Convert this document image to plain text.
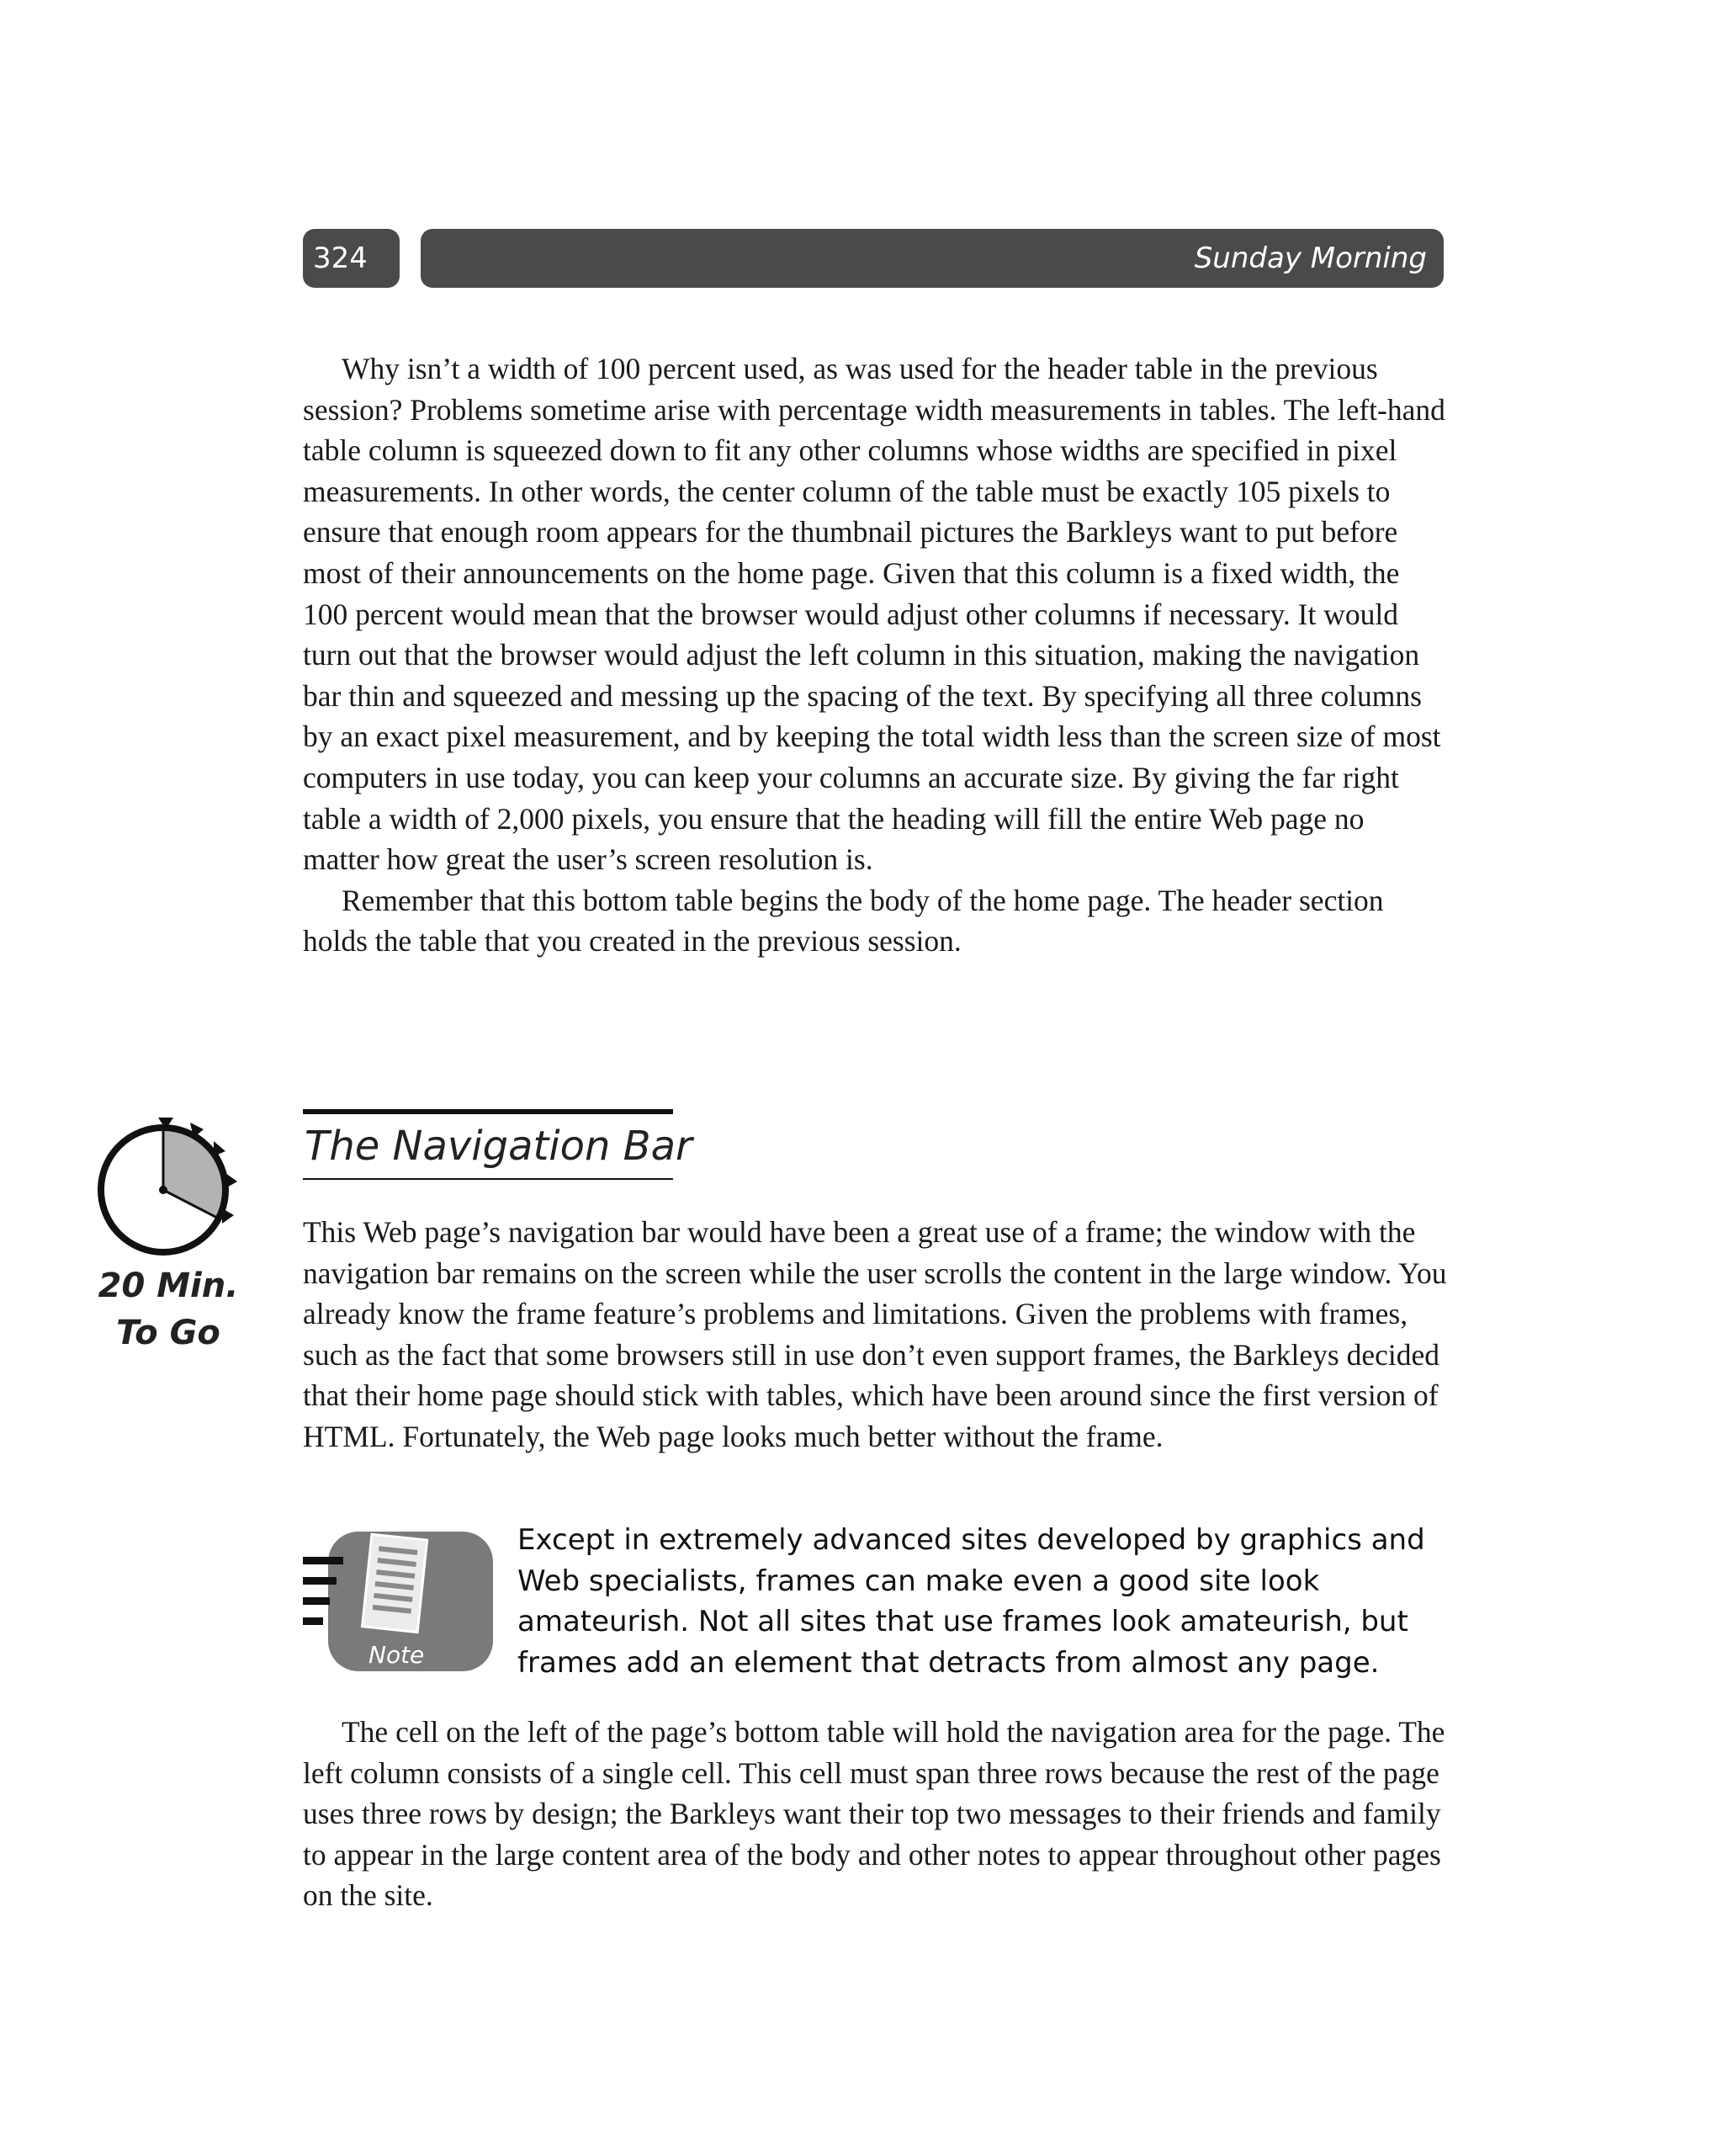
324	Sunday Morning

Why isn’t a width of 100 percent used, as was used for the header table in the previous session? Problems sometime arise with percentage width measurements in tables. The left-hand table column is squeezed down to fit any other columns whose widths are specified in pixel measurements. In other words, the center column of the table must be exactly 105 pixels to ensure that enough room appears for the thumbnail pictures the Barkleys want to put before most of their announcements on the home page. Given that this column is a fixed width, the 100 percent would mean that the browser would adjust other columns if necessary. It would turn out that the browser would adjust the left column in this situation, making the navigation bar thin and squeezed and messing up the spacing of the text. By specifying all three columns by an exact pixel measurement, and by keeping the total width less than the screen size of most computers in use today, you can keep your columns an accurate size. By giving the far right table a width of 2,000 pixels, you ensure that the heading will fill the entire Web page no matter how great the user’s screen resolution is.

Remember that this bottom table begins the body of the home page. The header section holds the table that you created in the previous session.

20 Min.
To Go
The Navigation Bar

This Web page’s navigation bar would have been a great use of a frame; the window with the navigation bar remains on the screen while the user scrolls the content in the large window. You already know the frame feature’s problems and limitations. Given the problems with frames, such as the fact that some browsers still in use don’t even support frames, the Barkleys decided that their home page should stick with tables, which have been around since the first version of HTML. Fortunately, the Web page looks much better without the frame.

Note

Except in extremely advanced sites developed by graphics and Web specialists, frames can make even a good site look amateurish. Not all sites that use frames look amateurish, but frames add an element that detracts from almost any page.

The cell on the left of the page’s bottom table will hold the navigation area for the page. The left column consists of a single cell. This cell must span three rows because the rest of the page uses three rows by design; the Barkleys want their top two messages to their friends and family to appear in the large content area of the body and other notes to appear throughout other pages on the site.
